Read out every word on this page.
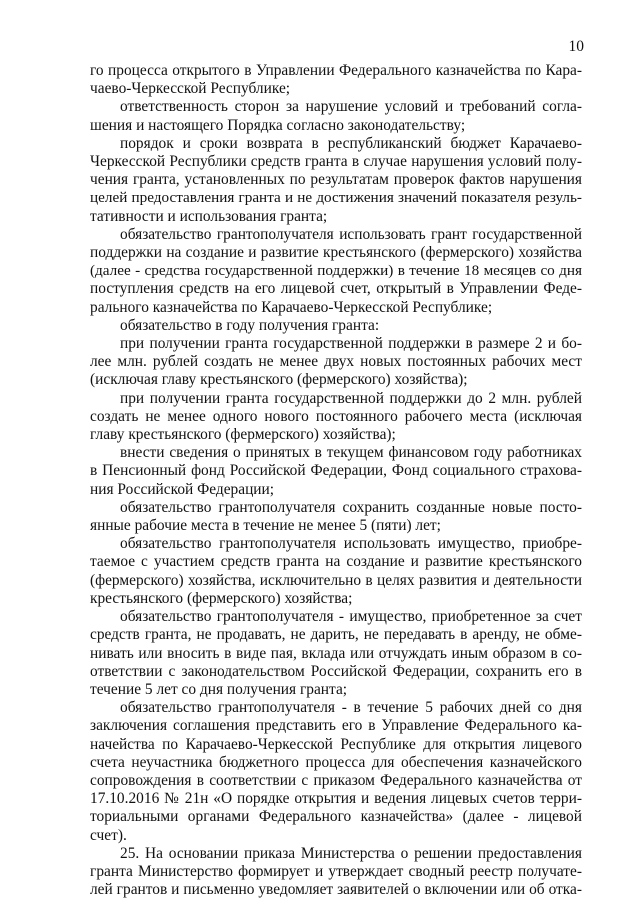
10
го процесса открытого в Управлении Федерального казначейства по Кара-
чаево-Черкесской Республике;
ответственность сторон за нарушение условий и требований согла-
шения и настоящего Порядка согласно законодательству;
порядок и сроки возврата в республиканский бюджет Карачаево-
Черкесской Республики средств гранта в случае нарушения условий полу-
чения гранта, установленных по результатам проверок фактов нарушения
целей предоставления гранта и не достижения значений показателя резуль-
тативности и использования гранта;
обязательство грантополучателя использовать грант государственной
поддержки на создание и развитие крестьянского (фермерского) хозяйства
(далее - средства государственной поддержки) в течение 18 месяцев со дня
поступления средств на его лицевой счет, открытый в Управлении Феде-
рального казначейства по Карачаево-Черкесской Республике;
обязательство в году получения гранта:
при получении гранта государственной поддержки в размере 2 и бо-
лее млн. рублей создать не менее двух новых постоянных рабочих мест
(исключая главу крестьянского (фермерского) хозяйства);
при получении гранта государственной поддержки до 2 млн. рублей
создать не менее одного нового постоянного рабочего места (исключая
главу крестьянского (фермерского) хозяйства);
внести сведения о принятых в текущем финансовом году работниках
в Пенсионный фонд Российской Федерации, Фонд социального страхова-
ния Российской Федерации;
обязательство грантополучателя сохранить созданные новые посто-
янные рабочие места в течение не менее 5 (пяти) лет;
обязательство грантополучателя использовать имущество, приобре-
таемое с участием средств гранта на создание и развитие крестьянского
(фермерского) хозяйства, исключительно в целях развития и деятельности
крестьянского (фермерского) хозяйства;
обязательство грантополучателя - имущество, приобретенное за счет
средств гранта, не продавать, не дарить, не передавать в аренду, не обме-
нивать или вносить в виде пая, вклада или отчуждать иным образом в со-
ответствии с законодательством Российской Федерации, сохранить его в
течение 5 лет со дня получения гранта;
обязательство грантополучателя - в течение 5 рабочих дней со дня
заключения соглашения представить его в Управление Федерального ка-
начейства по Карачаево-Черкесской Республике для открытия лицевого
счета неучастника бюджетного процесса для обеспечения казначейского
сопровождения в соответствии с приказом Федерального казначейства от
17.10.2016 № 21н «О порядке открытия и ведения лицевых счетов терри-
ториальными органами Федерального казначейства» (далее - лицевой
счет).
25. На основании приказа Министерства о решении предоставления
гранта Министерство формирует и утверждает сводный реестр получате-
лей грантов и письменно уведомляет заявителей о включении или об отка-
